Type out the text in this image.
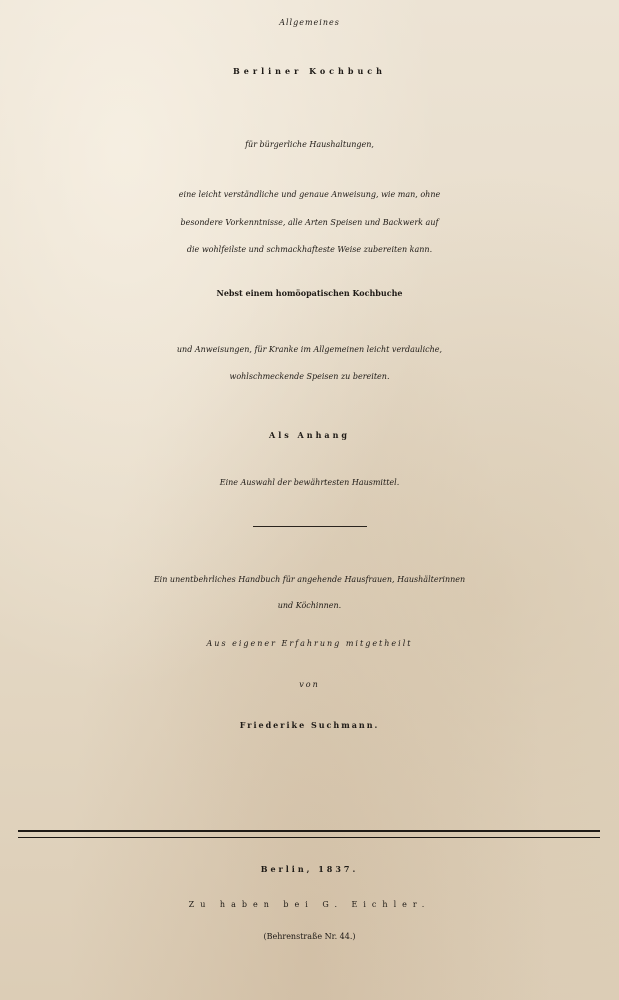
Allgemeines
Berliner Kochbuch
für bürgerliche Haushaltungen,
eine leicht verständliche und genaue Anweisung, wie man, ohne
besondere Vorkenntnisse, alle Arten Speisen und Backwerk auf
die wohlfeilste und schmackhafteste Weise zubereiten kann.
Nebst einem homöopatischen Kochbuche
und Anweisungen, für Kranke im Allgemeinen leicht verdauliche,
wohlschmeckende Speisen zu bereiten.
Als Anhang
Eine Auswahl der bewährtesten Hausmittel.
Ein unentbehrliches Handbuch für angehende Hausfrauen, Haushälterinnen
und Köchinnen.
Aus eigener Erfahrung mitgetheilt
von
Friederike Suchmann.
Berlin, 1837.
Zu haben bei G. Eichler.
(Behrenstraße Nr. 44.)
